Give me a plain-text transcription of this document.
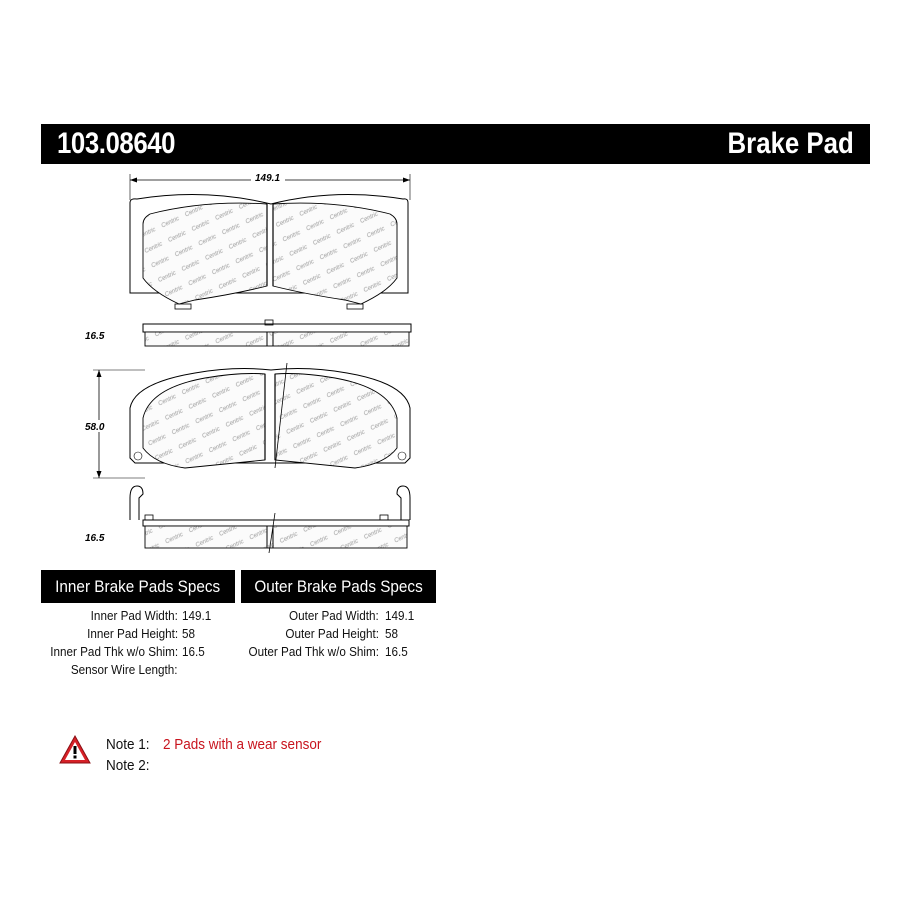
103.08640	Brake Pad
149.1
16.5
58.0
16.5
Inner Brake Pads Specs	Outer Brake Pads Specs
Inner Pad Width: 149.1
Inner Pad Height: 58
Inner Pad Thk w/o Shim: 16.5
Sensor Wire Length:
Outer Pad Width: 149.1
Outer Pad Height: 58
Outer Pad Thk w/o Shim: 16.5
Note 1: 2 Pads with a wear sensor
Note 2:
